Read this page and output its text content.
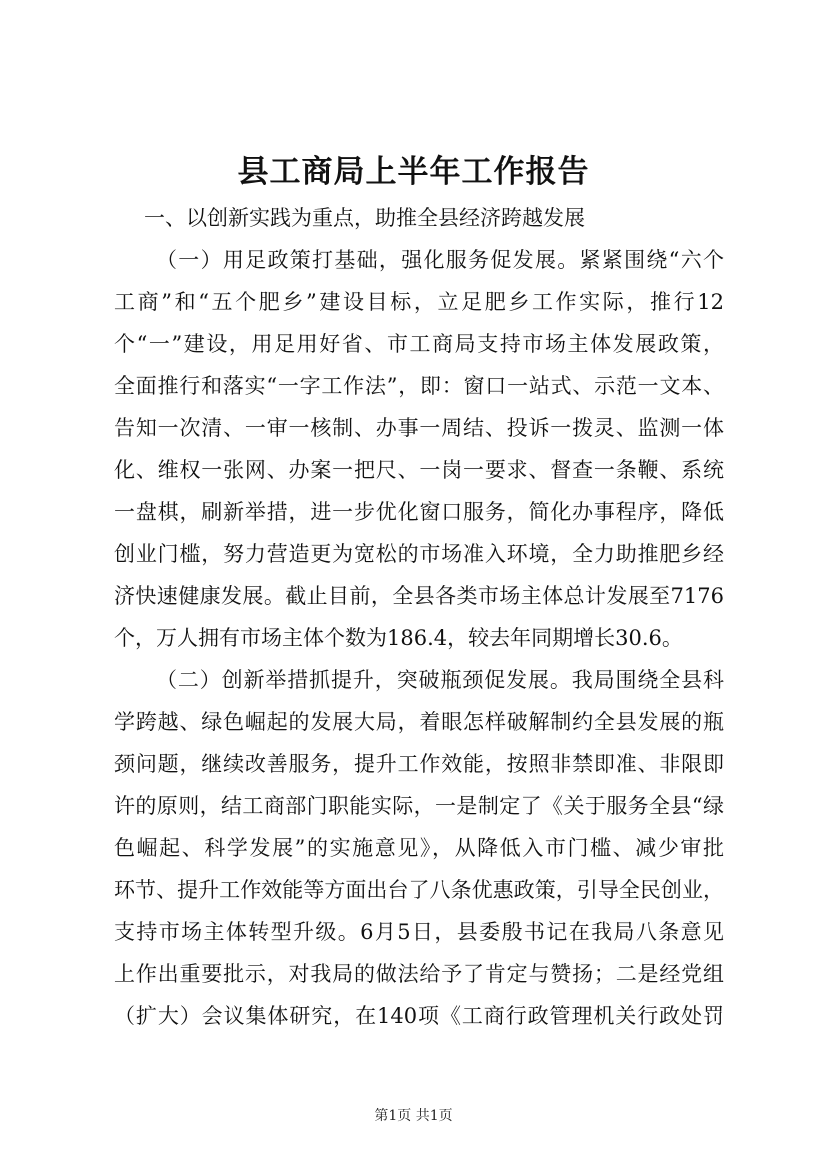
县工商局上半年工作报告
一、以创新实践为重点，助推全县经济跨越发展
（一）用足政策打基础，强化服务促发展。紧紧围绕“六个
工商”和“五个肥乡”建设目标，立足肥乡工作实际，推行12
个“一”建设，用足用好省、市工商局支持市场主体发展政策，
全面推行和落实“一字工作法”，即：窗口一站式、示范一文本、
告知一次清、一审一核制、办事一周结、投诉一拨灵、监测一体
化、维权一张网、办案一把尺、一岗一要求、督查一条鞭、系统
一盘棋，刷新举措，进一步优化窗口服务，简化办事程序，降低
创业门槛，努力营造更为宽松的市场准入环境，全力助推肥乡经
济快速健康发展。截止目前，全县各类市场主体总计发展至7176
个，万人拥有市场主体个数为186.4，较去年同期增长30.6。
（二）创新举措抓提升，突破瓶颈促发展。我局围绕全县科
学跨越、绿色崛起的发展大局，着眼怎样破解制约全县发展的瓶
颈问题，继续改善服务，提升工作效能，按照非禁即准、非限即
许的原则，结工商部门职能实际，一是制定了《关于服务全县“绿
色崛起、科学发展”的实施意见》，从降低入市门槛、减少审批
环节、提升工作效能等方面出台了八条优惠政策，引导全民创业，
支持市场主体转型升级。6月5日，县委殷书记在我局八条意见
上作出重要批示，对我局的做法给予了肯定与赞扬；二是经党组
（扩大）会议集体研究，在140项《工商行政管理机关行政处罚
第1页 共1页
